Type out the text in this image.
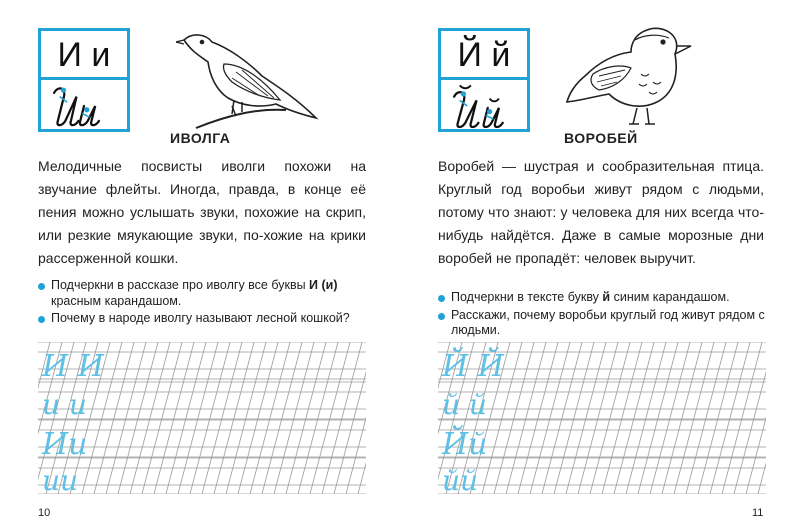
И и
ИВОЛГА
Мелодичные посвисты иволги похожи на звучание флейты. Иногда, правда, в конце её пения можно услышать звуки, похожие на скрип, или резкие мяукающие звуки, по-хожие на крики рассерженной кошки.
Подчеркни в рассказе про иволгу все буквы И (и) красным карандашом.
Почему в народе иволгу называют лесной кошкой?
И И
и и
Ии
ии
10
Й й
ВОРОБЕЙ
Воробей — шустрая и сообразительная птица. Круглый год воробьи живут рядом с людьми, потому что знают: у человека для них всегда что-нибудь найдётся. Даже в самые морозные дни воробей не пропадёт: человек выручит.
Подчеркни в тексте букву й синим карандашом.
Расскажи, почему воробьи круглый год живут рядом с людьми.
Й Й
й й
Йй
йй
11
